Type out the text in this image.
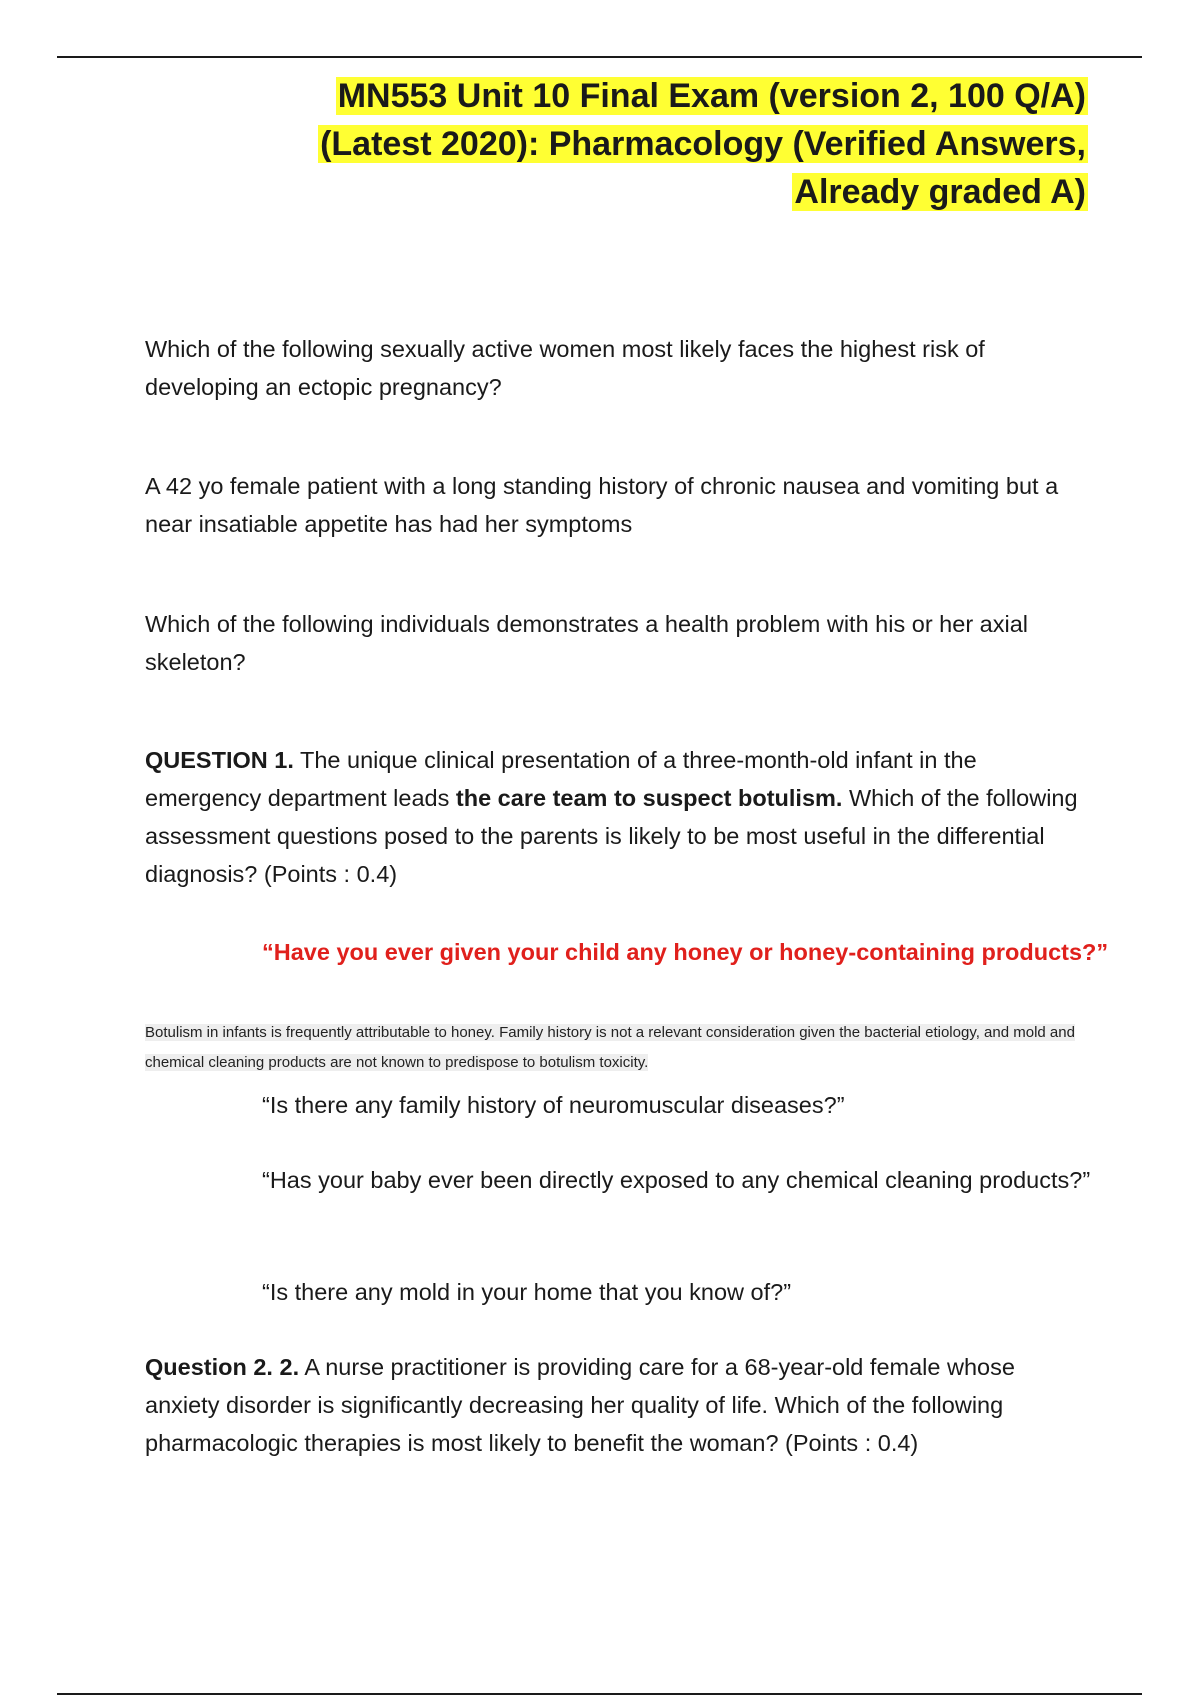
MN553 Unit 10 Final Exam (version 2, 100 Q/A)
(Latest 2020): Pharmacology (Verified Answers,
Already graded A)

Which of the following sexually active women most likely faces the highest risk of developing an ectopic pregnancy?

A 42 yo female patient with a long standing history of chronic nausea and vomiting but a near insatiable appetite has had her symptoms

Which of the following individuals demonstrates a health problem with his or her axial skeleton?

QUESTION 1. The unique clinical presentation of a three-month-old infant in the emergency department leads the care team to suspect botulism. Which of the following assessment questions posed to the parents is likely to be most useful in the differential diagnosis? (Points : 0.4)

“Have you ever given your child any honey or honey-containing products?”

Botulism in infants is frequently attributable to honey. Family history is not a relevant consideration given the bacterial etiology, and mold and chemical cleaning products are not known to predispose to botulism toxicity.

“Is there any family history of neuromuscular diseases?”

“Has your baby ever been directly exposed to any chemical cleaning products?”

“Is there any mold in your home that you know of?”

Question 2. 2. A nurse practitioner is providing care for a 68-year-old female whose anxiety disorder is significantly decreasing her quality of life. Which of the following pharmacologic therapies is most likely to benefit the woman? (Points : 0.4)
